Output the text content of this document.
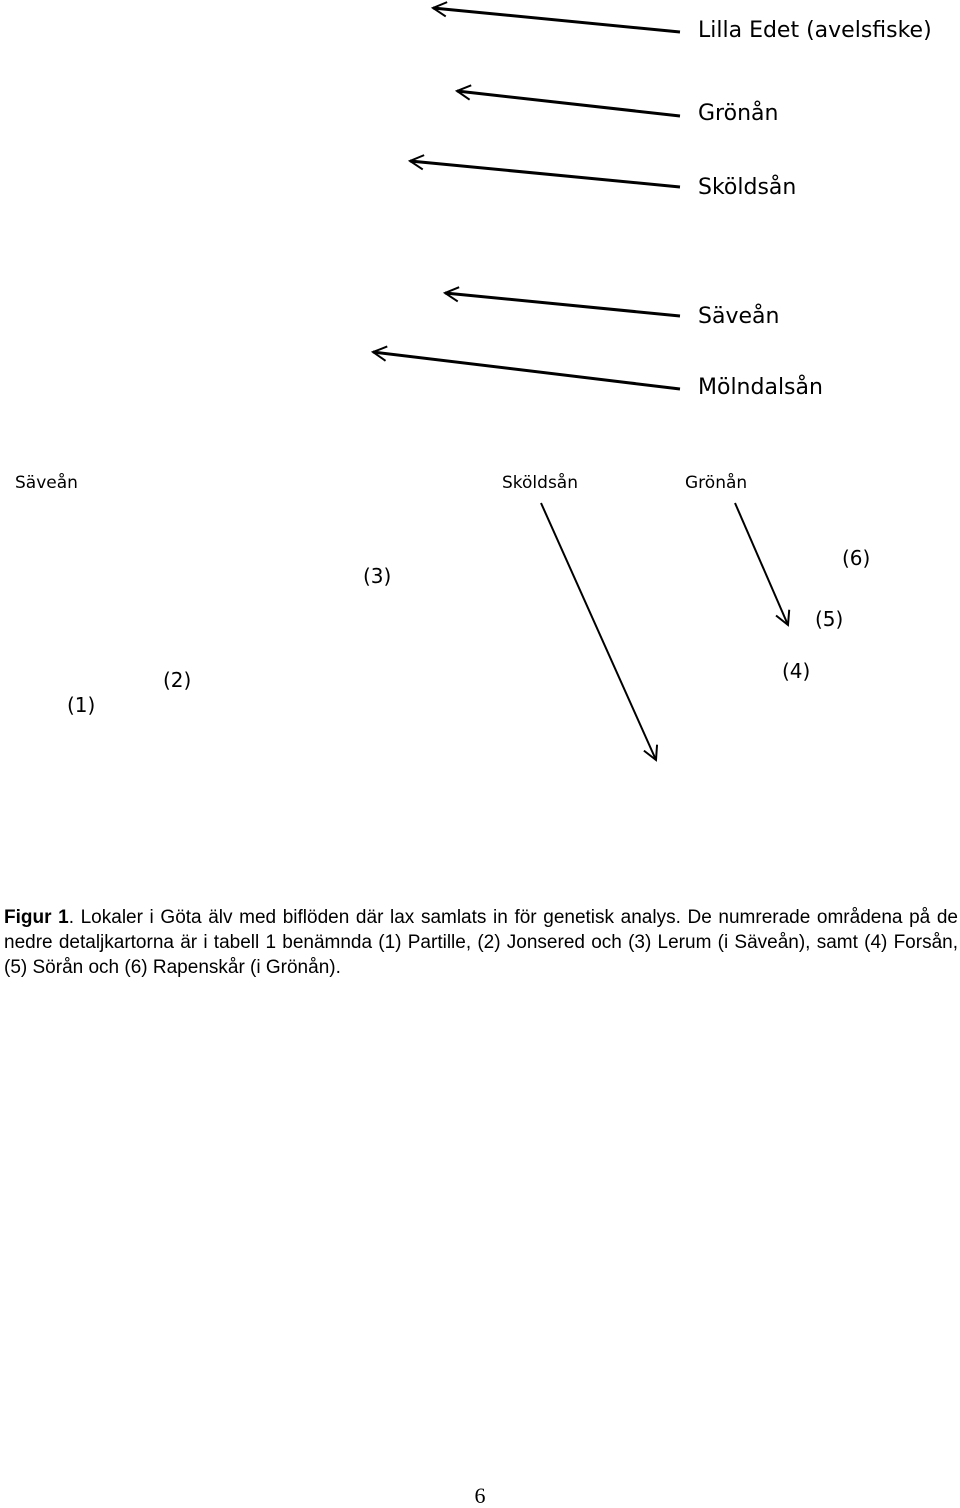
Lilla Edet (avelsfiske)
Grönån
Sköldsån
Säveån
Mölndalsån
Säveån	Sköldsån	Grönån
(1)
(2)
(3)
(4)
(5)
(6)
Figur 1. Lokaler i Göta älv med biflöden där lax samlats in för genetisk analys. De numrerade områdena på de nedre detaljkartorna är i tabell 1 benämnda (1) Partille, (2) Jonsered och (3) Lerum (i Säveån), samt (4) Forsån, (5) Sörån och (6) Rapenskår (i Grönån).
6
